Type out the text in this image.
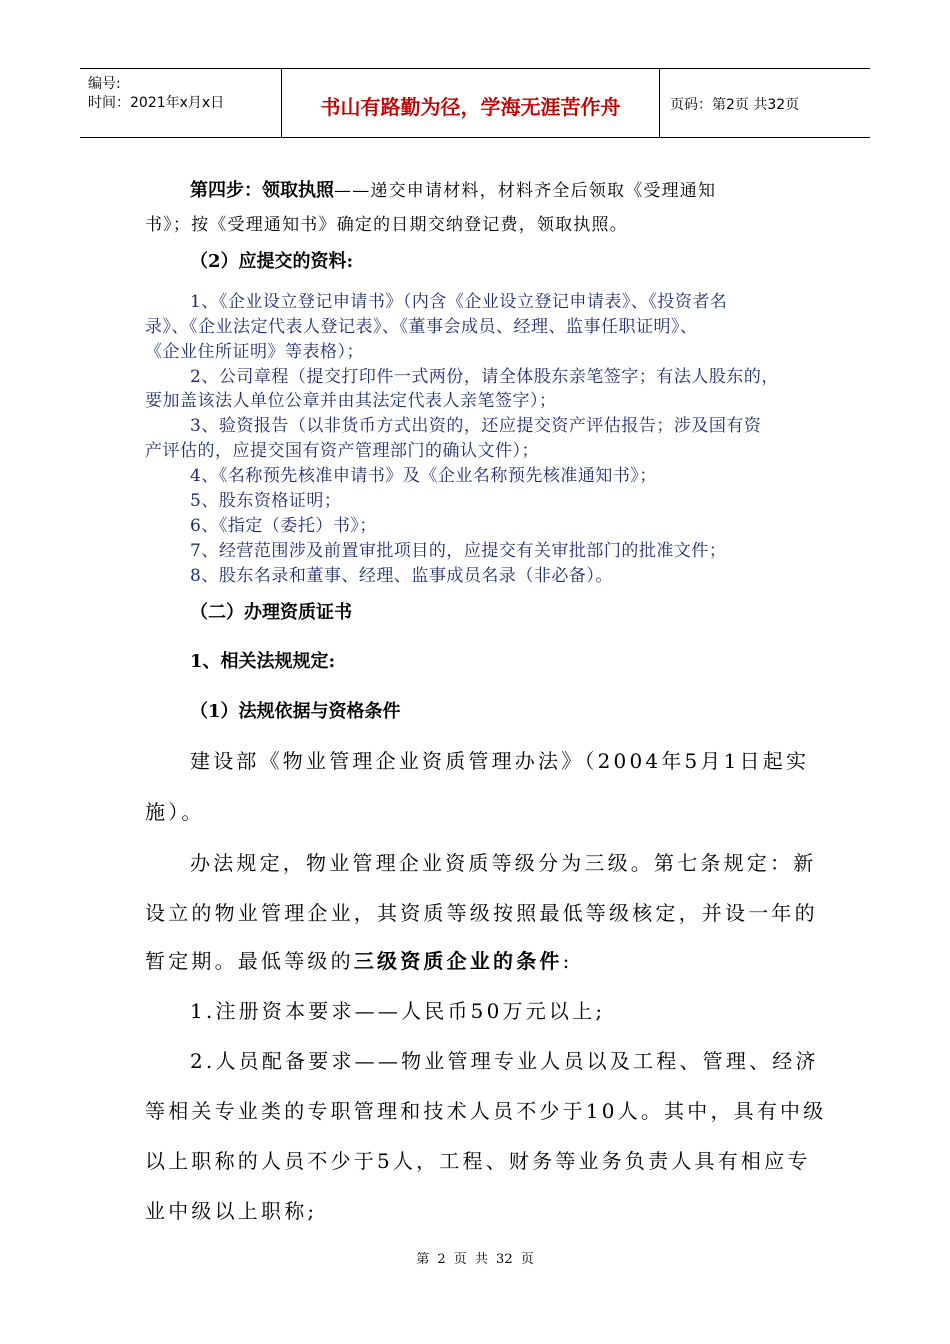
编号:
时间：2021年x月x日	书山有路勤为径，学海无涯苦作舟	页码：第2页 共32页
第四步：领取执照——递交申请材料，材料齐全后领取《受理通知
书》；按《受理通知书》确定的日期交纳登记费，领取执照。
（2）应提交的资料:
1、《企业设立登记申请书》（内含《企业设立登记申请表》、《投资者名
录》、《企业法定代表人登记表》、《董事会成员、经理、监事任职证明》、
《企业住所证明》等表格）；
2、公司章程（提交打印件一式两份，请全体股东亲笔签字；有法人股东的，
要加盖该法人单位公章并由其法定代表人亲笔签字）；
3、验资报告（以非货币方式出资的，还应提交资产评估报告；涉及国有资
产评估的，应提交国有资产管理部门的确认文件）；
4、《名称预先核准申请书》及《企业名称预先核准通知书》；
5、股东资格证明；
6、《指定（委托）书》；
7、经营范围涉及前置审批项目的，应提交有关审批部门的批准文件；
8、股东名录和董事、经理、监事成员名录（非必备）。
（二）办理资质证书
1、相关法规规定:
（1）法规依据与资格条件
建设部《物业管理企业资质管理办法》（2004年5月1日起实
施）。
办法规定，物业管理企业资质等级分为三级。第七条规定：新
设立的物业管理企业，其资质等级按照最低等级核定，并设一年的
暂定期。最低等级的三级资质企业的条件:
1.注册资本要求——人民币50万元以上;
2.人员配备要求——物业管理专业人员以及工程、管理、经济
等相关专业类的专职管理和技术人员不少于10人。其中，具有中级
以上职称的人员不少于5人，工程、财务等业务负责人具有相应专
业中级以上职称;
第 2 页 共 32 页
